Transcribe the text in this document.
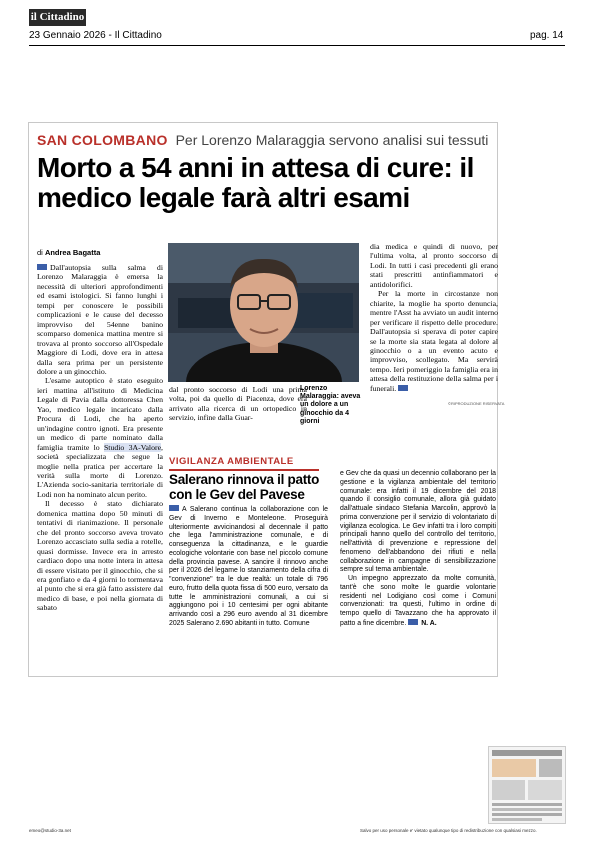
il Cittadino
23 Gennaio 2026 - Il Cittadino	pag. 14
SAN COLOMBANO Per Lorenzo Malaraggia servono analisi sui tessuti
Morto a 54 anni in attesa di cure: il medico legale farà altri esami
di Andrea Bagatta

Dall'autopsia sulla salma di Lorenzo Malaraggia è emersa la necessità di ulteriori approfondimenti ed esami istologici. Si fanno lunghi i tempi per conoscere le possibili complicazioni e le cause del decesso improvviso del 54enne banino scomparso domenica mattina mentre si trovava al pronto soccorso all'Ospedale Maggiore di Lodi, dove era in attesa dalla sera prima per un persistente dolore a un ginocchio.

L'esame autoptico è stato eseguito ieri mattina all'istituto di Medicina Legale di Pavia dalla dottoressa Chen Yao, medico legale incaricato dalla Procura di Lodi, che ha aperto un'indagine contro ignoti. Era presente un medico di parte nominato dalla famiglia tramite lo Studio 3A-Valore, società specializzata che segue la moglie nella pratica per accertare la verità sulla morte di Lorenzo. L'Azienda socio-sanitaria territoriale di Lodi non ha nominato alcun perito.

Il decesso è stato dichiarato domenica mattina dopo 50 minuti di tentativi di rianimazione. Il personale che del pronto soccorso aveva trovato Lorenzo accasciato sulla sedia a rotelle, quasi dormisse. Invece era in arresto cardiaco dopo una notte intera in attesa di essere visitato per il ginocchio, che si era gonfiato e da 4 giorni lo tormentava al punto che si era già fatto assistere dal medico di base, e poi nella giornata di sabato

dal pronto soccorso di Lodi una prima volta, poi da quello di Piacenza, dove era arrivato alla ricerca di un ortopedico in servizio, infine dalla Guar-

Lorenzo Malaraggia: aveva un dolore a un ginocchio da 4 giorni

dia medica e quindi di nuovo, per l'ultima volta, al pronto soccorso di Lodi. In tutti i casi precedenti gli erano stati prescritti antinfiammatori e antidolorifici.

Per la morte in circostanze non chiarite, la moglie ha sporto denuncia, mentre l'Asst ha avviato un audit interno per verificare il rispetto delle procedure. Dall'autopsia si sperava di poter capire se la morte sia stata legata al dolore al ginocchio o a un evento acuto e improvviso, scollegato. Ma servirà tempo. Ieri pomeriggio la famiglia era in attesa della restituzione della salma per i funerali.

©RIPRODUZIONE RISERVATA
VIGILANZA AMBIENTALE
Salerano rinnova il patto con le Gev del Pavese

A Salerano continua la collaborazione con le Gev di Inverno e Monteleone. Proseguirà ulteriormente avvicinandosi al decennale il patto che lega l'amministrazione comunale, e di conseguenza la cittadinanza, e le guardie ecologiche volontarie con base nel piccolo comune della provincia pavese. A sancire il rinnovo anche per il 2026 del legame lo stanziamento della cifra di "convenzione" tra le due realtà: un totale di 796 euro, frutto della quota fissa di 500 euro, versato da tutte le amministrazioni comunali, a cui si aggiungono poi i 10 centesimi per ogni abitante arrivando così a 296 euro avendo al 31 dicembre 2025 Salerano 2.690 abitanti in tutto. Comune

e Gev che da quasi un decennio collaborano per la gestione e la vigilanza ambientale del territorio comunale: era infatti il 19 dicembre del 2018 quando il consiglio comunale, allora già guidato dall'attuale sindaco Stefania Marcolin, approvò la prima convenzione per il servizio di volontariato di vigilanza ecologica. Le Gev infatti tra i loro compiti principali hanno quello del controllo del territorio, nell'attività di prevenzione e repressione del fenomeno dell'abbandono dei rifiuti e nella collaborazione in campagne di sensibilizzazione sempre sul tema ambientale.

Un impegno apprezzato da molte comunità, tant'è che sono molte le guardie volontarie residenti nel Lodigiano così come i Comuni convenzionati: tra questi, l'ultimo in ordine di tempo quello di Tavazzano che ha approvato il patto a fine dicembre. N. A.

emeo@studio-3a.net	Salvo per uso personale e' vietato qualunque tipo di redistribuzione con qualsiasi mezzo.
